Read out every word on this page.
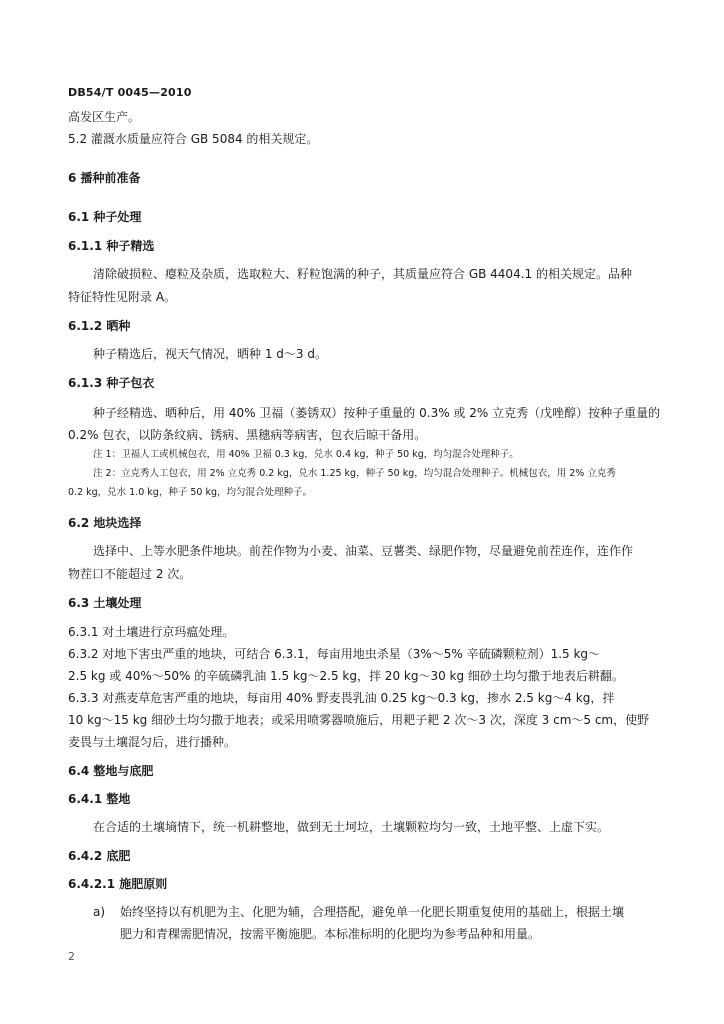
DB54/T 0045—2010
高发区生产。
5.2 灌溉水质量应符合 GB 5084 的相关规定。
6 播种前准备
6.1 种子处理
6.1.1 种子精选
清除破损粒、瘪粒及杂质，选取粒大、籽粒饱满的种子，其质量应符合 GB 4404.1 的相关规定。品种
特征特性见附录 A。
6.1.2 晒种
种子精选后，视天气情况，晒种 1 d～3 d。
6.1.3 种子包衣
种子经精选、晒种后，用 40% 卫福（萎锈双）按种子重量的 0.3% 或 2% 立克秀（戊唑醇）按种子重量的
0.2% 包衣，以防条纹病、锈病、黑穗病等病害，包衣后晾干备用。
注 1：卫福人工或机械包衣，用 40% 卫福 0.3 kg，兑水 0.4 kg，种子 50 kg，均匀混合处理种子。
注 2：立克秀人工包衣，用 2% 立克秀 0.2 kg，兑水 1.25 kg，种子 50 kg，均匀混合处理种子。机械包衣，用 2% 立克秀
0.2 kg，兑水 1.0 kg，种子 50 kg，均匀混合处理种子。
6.2 地块选择
选择中、上等水肥条件地块。前茬作物为小麦、油菜、豆薯类、绿肥作物，尽量避免前茬连作，连作作
物茬口不能超过 2 次。
6.3 土壤处理
6.3.1 对土壤进行京玛瘟处理。
6.3.2 对地下害虫严重的地块，可结合 6.3.1，每亩用地虫杀星（3%～5% 辛硫磷颗粒剂）1.5 kg～
2.5 kg 或 40%～50% 的辛硫磷乳油 1.5 kg～2.5 kg，拌 20 kg～30 kg 细砂土均匀撒于地表后耕翻。
6.3.3 对燕麦草危害严重的地块，每亩用 40% 野麦畏乳油 0.25 kg～0.3 kg，掺水 2.5 kg～4 kg，拌
10 kg～15 kg 细砂土均匀撒于地表；或采用喷雾器喷施后，用耙子耙 2 次～3 次，深度 3 cm～5 cm，使野
麦畏与土壤混匀后，进行播种。
6.4 整地与底肥
6.4.1 整地
在合适的土壤墒情下，统一机耕整地，做到无土坷垃，土壤颗粒均匀一致，土地平整、上虚下实。
6.4.2 底肥
6.4.2.1 施肥原则
a) 始终坚持以有机肥为主、化肥为辅，合理搭配，避免单一化肥长期重复使用的基础上，根据土壤
肥力和青稞需肥情况，按需平衡施肥。本标准标明的化肥均为参考品种和用量。
2
